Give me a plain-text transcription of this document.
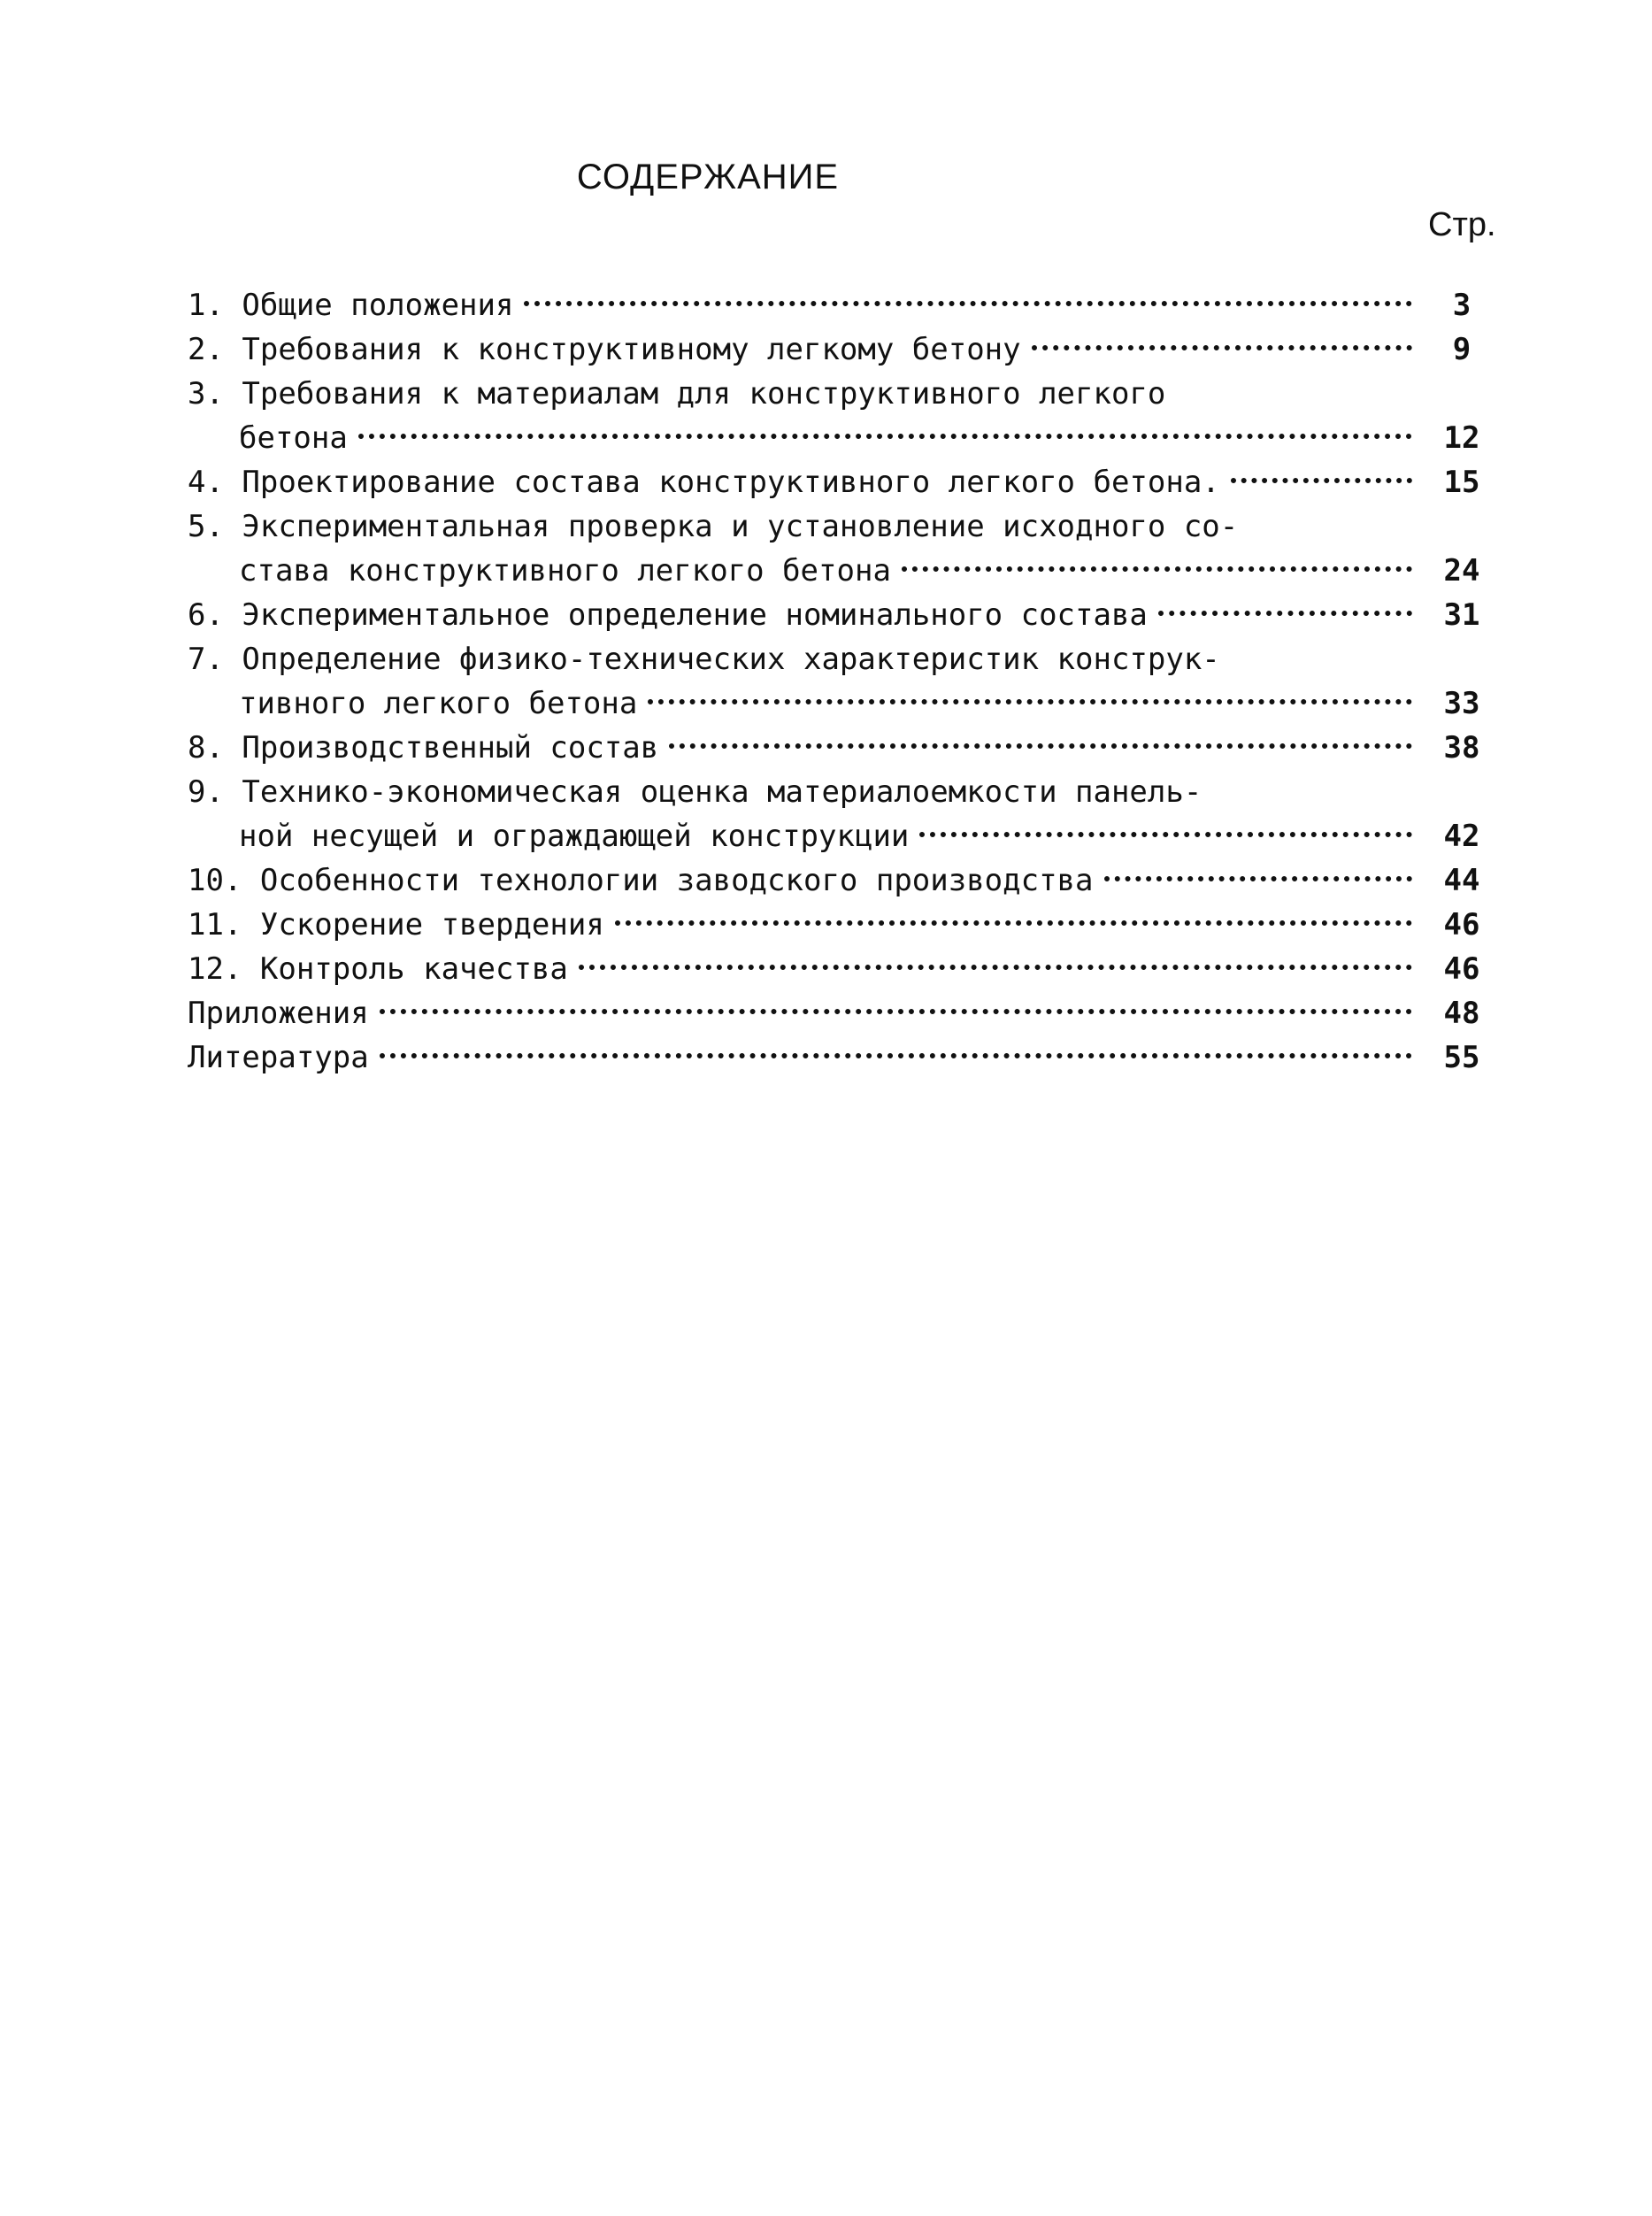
СОДЕРЖАНИЕ
Стр.
1. Общие положения	3
2. Требования к конструктивному легкому бетону	9
3. Требования к материалам для конструктивного легкого
бетона	12
4. Проектирование состава конструктивного легкого бетона.	15
5. Экспериментальная проверка и установление исходного со-
става конструктивного легкого бетона	24
6. Экспериментальное определение номинального состава	31
7. Определение физико-технических характеристик конструк-
тивного легкого бетона	33
8. Производственный состав	38
9. Технико-экономическая оценка материалоемкости панель-
ной несущей и ограждающей конструкции	42
10. Особенности технологии заводского производства	44
11. Ускорение твердения	46
12. Контроль качества	46
Приложения	48
Литература	55
